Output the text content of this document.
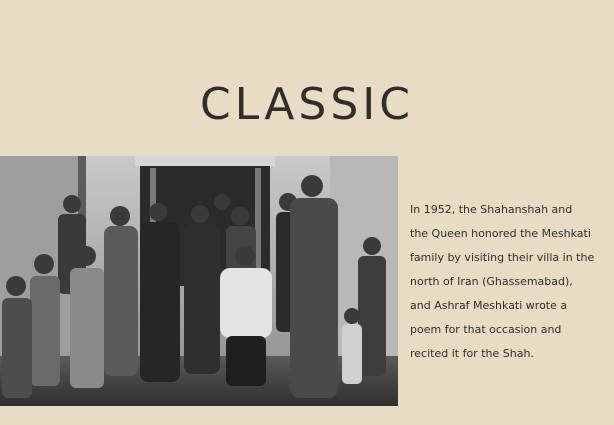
CLASSIC
In 1952, the Shahanshah and
the Queen honored the Meshkati
family by visiting their villa in the
north of Iran (Ghassemabad),
and Ashraf Meshkati wrote a
poem for that occasion and
recited it for the Shah.
